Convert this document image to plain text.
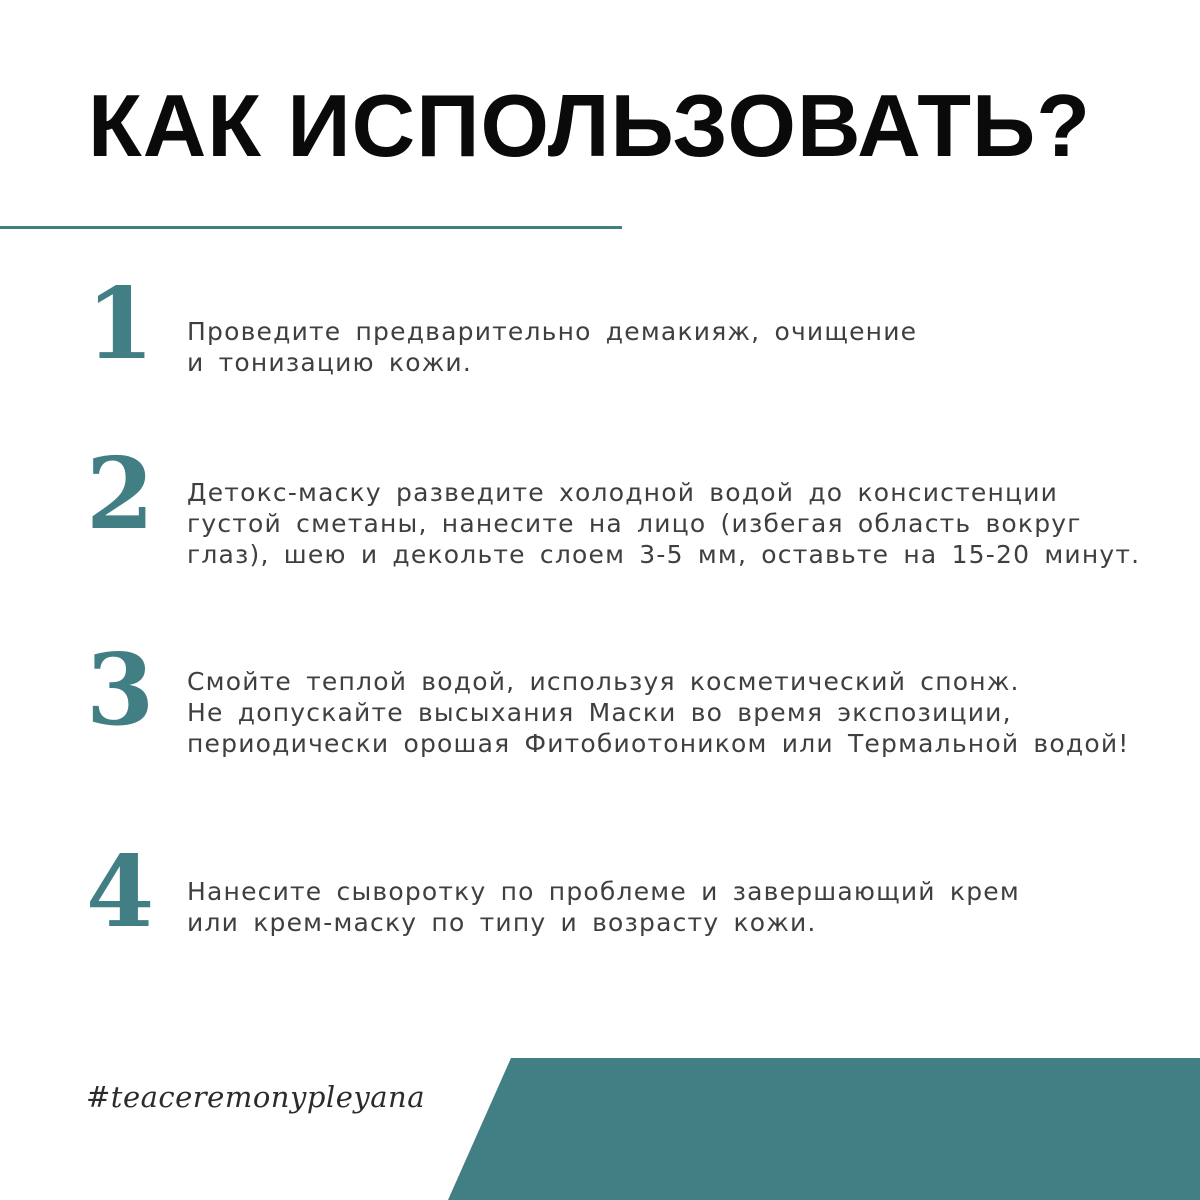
КАК ИСПОЛЬЗОВАТЬ?
1 Проведите предварительно демакияж, очищение
и тонизацию кожи.

2 Детокс-маску разведите холодной водой до консистенции
густой сметаны, нанесите на лицо (избегая область вокруг
глаз), шею и декольте слоем 3-5 мм, оставьте на 15-20 минут.

3 Смойте теплой водой, используя косметический спонж.
Не допускайте высыхания Маски во время экспозиции,
периодически орошая Фитобиотоником или Термальной водой!

4 Нанесите сыворотку по проблеме и завершающий крем
или крем-маску по типу и возрасту кожи.

#teaceremonypleyana
